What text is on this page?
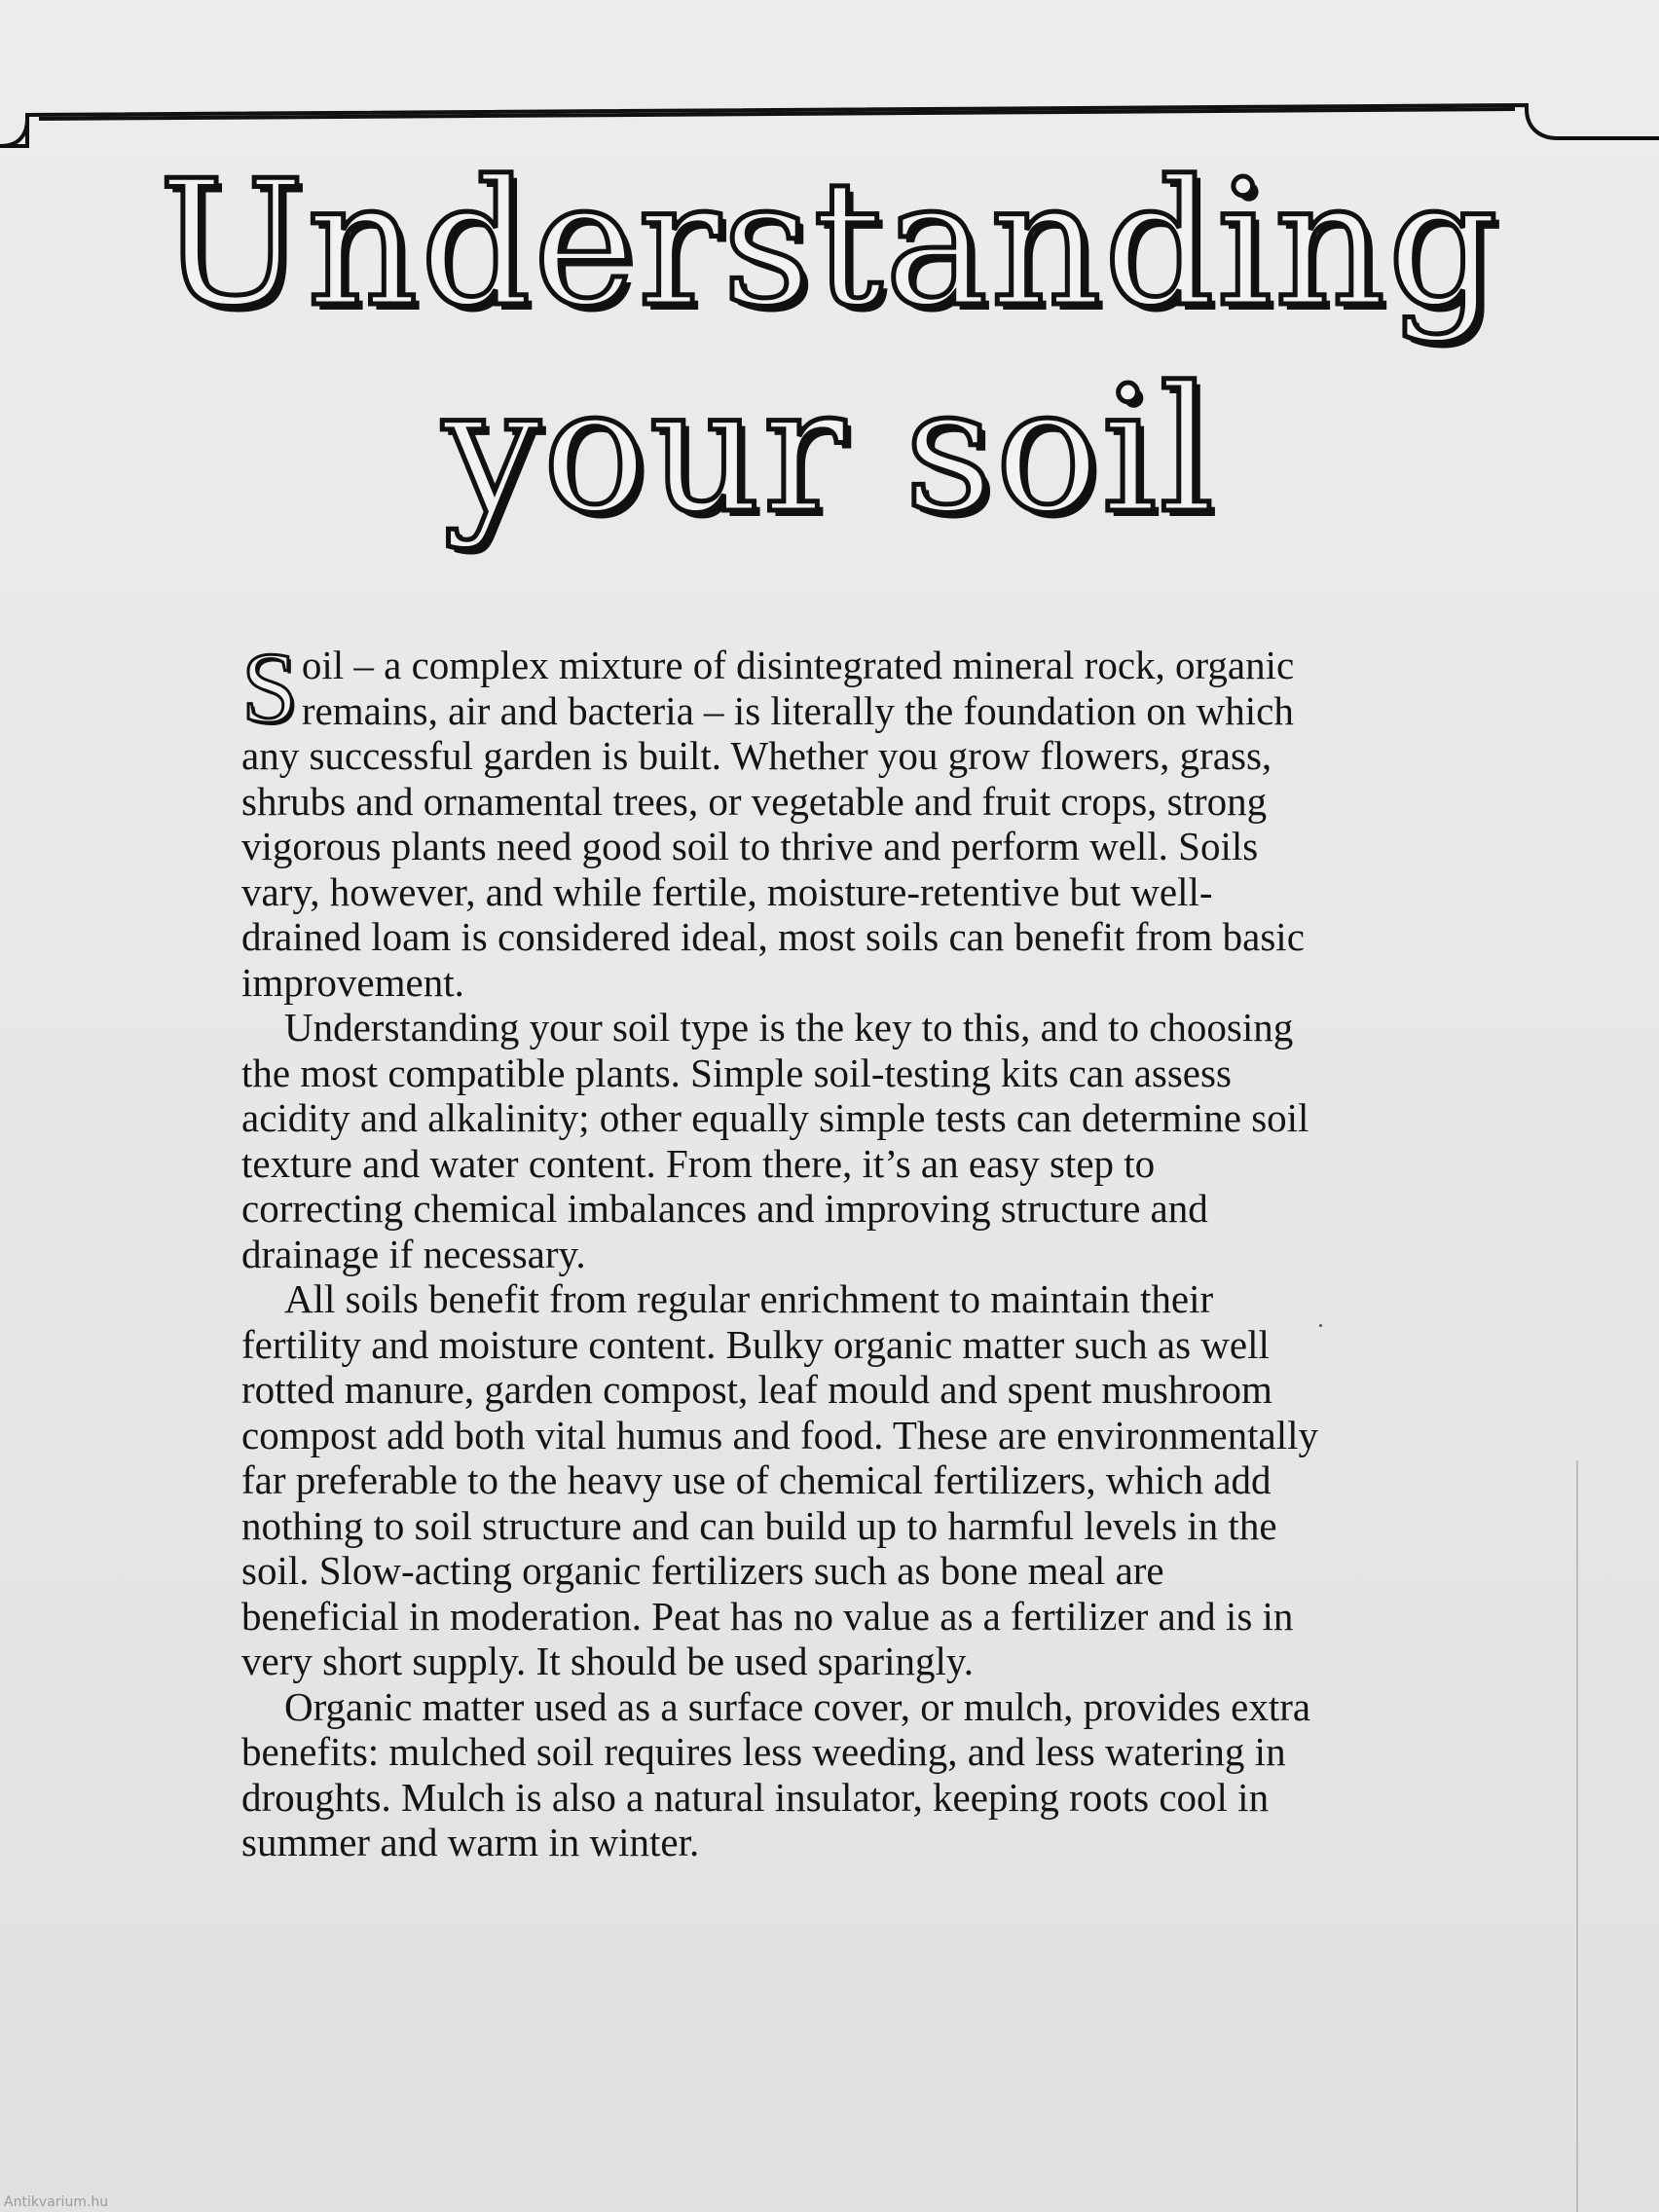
Understanding
your soil

Soil – a complex mixture of disintegrated mineral rock, organic remains, air and bacteria – is literally the foundation on which any successful garden is built. Whether you grow flowers, grass, shrubs and ornamental trees, or vegetable and fruit crops, strong vigorous plants need good soil to thrive and perform well. Soils vary, however, and while fertile, moisture-retentive but well-drained loam is considered ideal, most soils can benefit from basic improvement.

Understanding your soil type is the key to this, and to choosing the most compatible plants. Simple soil-testing kits can assess acidity and alkalinity; other equally simple tests can determine soil texture and water content. From there, it’s an easy step to correcting chemical imbalances and improving structure and drainage if necessary.

All soils benefit from regular enrichment to maintain their fertility and moisture content. Bulky organic matter such as well rotted manure, garden compost, leaf mould and spent mushroom compost add both vital humus and food. These are environmentally far preferable to the heavy use of chemical fertilizers, which add nothing to soil structure and can build up to harmful levels in the soil. Slow-acting organic fertilizers such as bone meal are beneficial in moderation. Peat has no value as a fertilizer and is in very short supply. It should be used sparingly.

Organic matter used as a surface cover, or mulch, provides extra benefits: mulched soil requires less weeding, and less watering in droughts. Mulch is also a natural insulator, keeping roots cool in summer and warm in winter.

Antikvarium.hu
